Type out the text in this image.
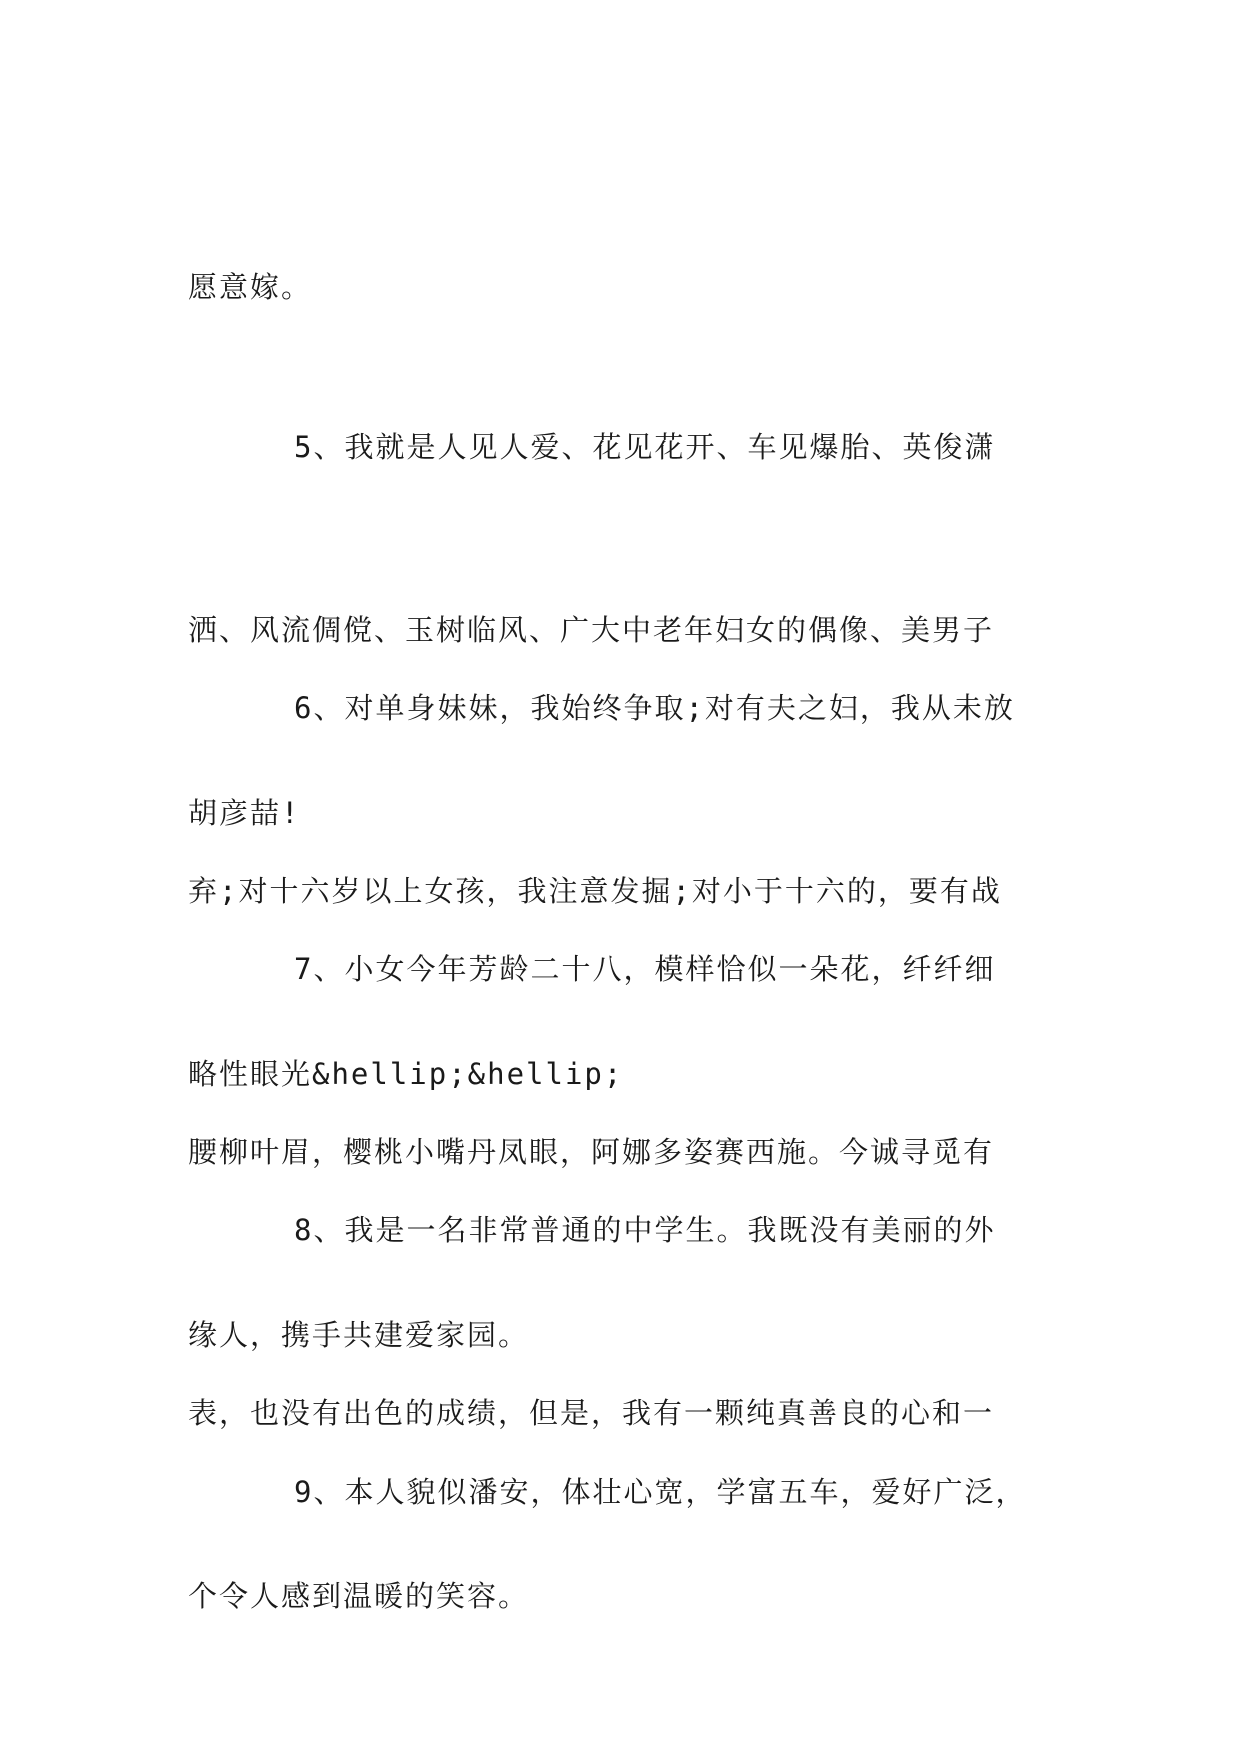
愿意嫁。

5、我就是人见人爱、花见花开、车见爆胎、英俊潇

洒、风流倜傥、玉树临风、广大中老年妇女的偶像、美男子

胡彦喆!

6、对单身妹妹，我始终争取;对有夫之妇，我从未放

弃;对十六岁以上女孩，我注意发掘;对小于十六的，要有战

略性眼光&hellip;&hellip;

7、小女今年芳龄二十八，模样恰似一朵花，纤纤细

腰柳叶眉，樱桃小嘴丹凤眼，阿娜多姿赛西施。今诚寻觅有

缘人，携手共建爱家园。

8、我是一名非常普通的中学生。我既没有美丽的外

表，也没有出色的成绩，但是，我有一颗纯真善良的心和一

个令人感到温暖的笑容。

9、本人貌似潘安，体壮心宽，学富五车，爱好广泛，
